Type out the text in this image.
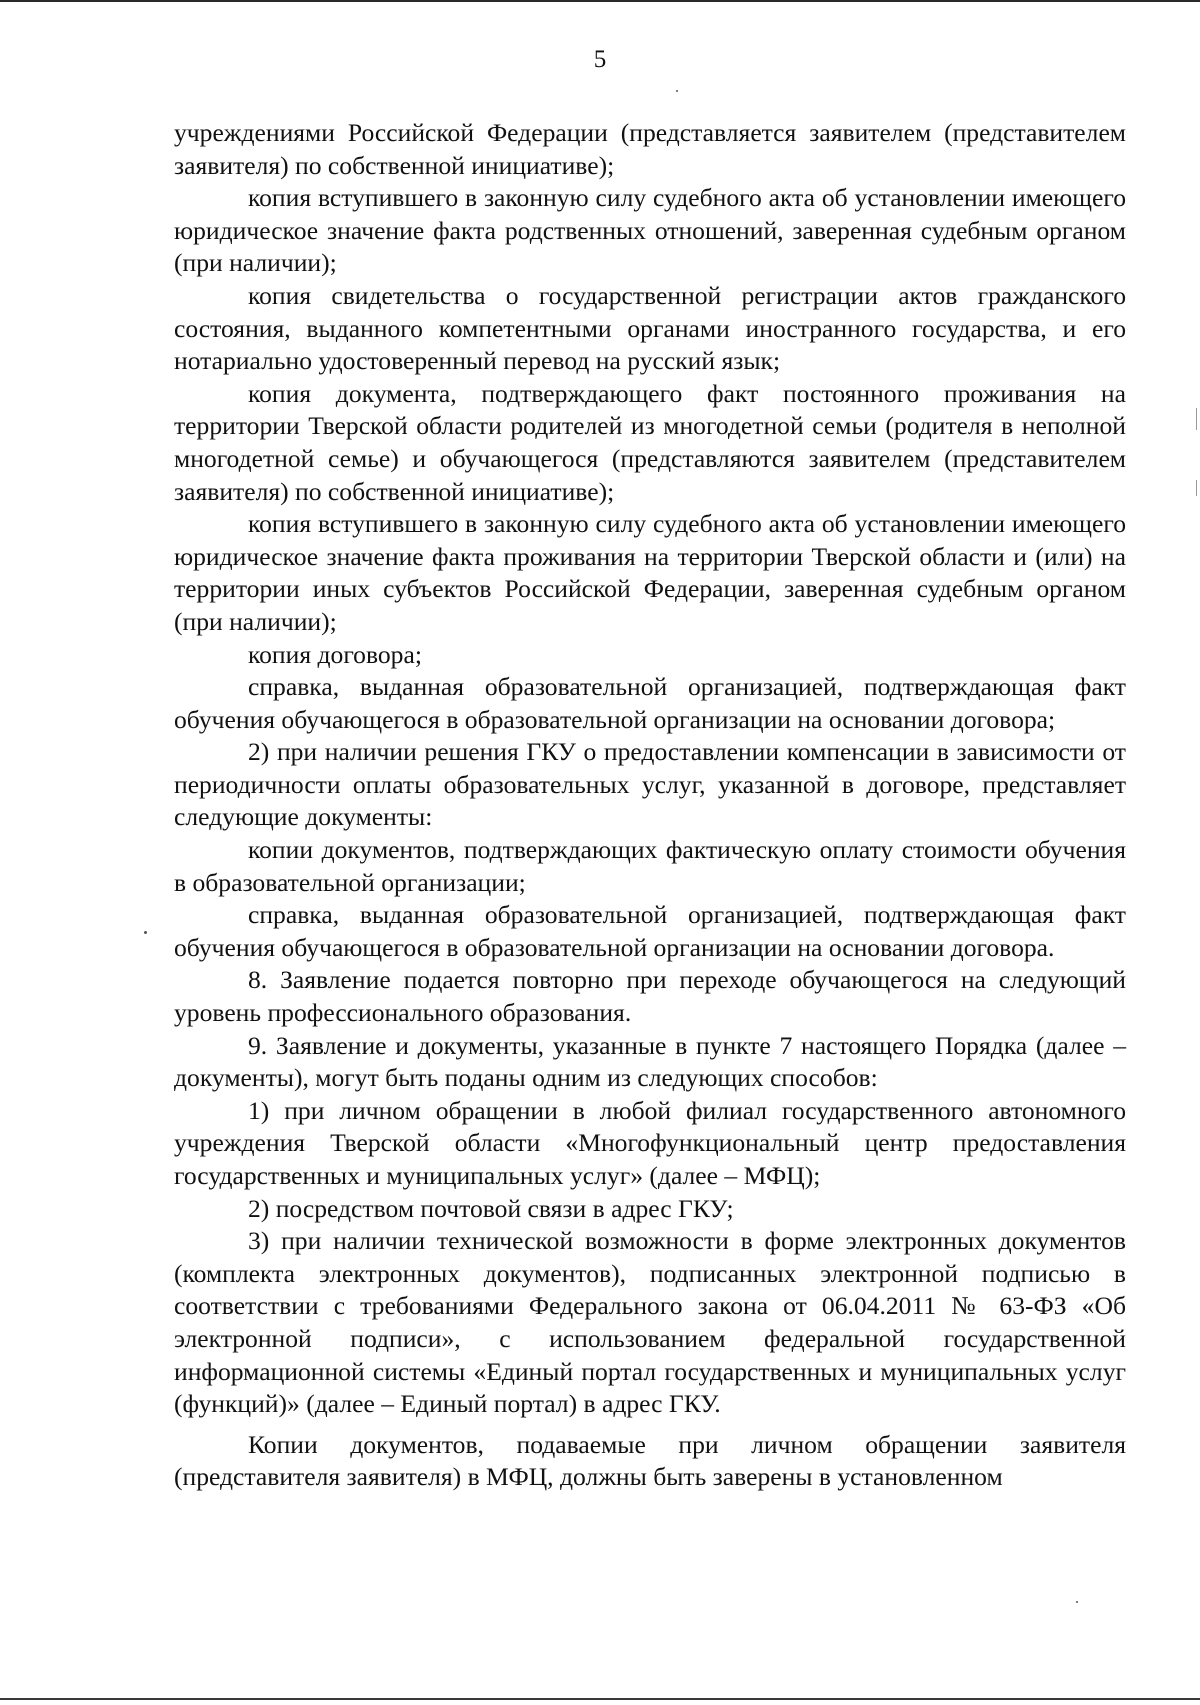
5

учреждениями Российской Федерации (представляется заявителем (представителем заявителя) по собственной инициативе);

копия вступившего в законную силу судебного акта об установлении имеющего юридическое значение факта родственных отношений, заверенная судебным органом (при наличии);

копия свидетельства о государственной регистрации актов гражданского состояния, выданного компетентными органами иностранного государства, и его нотариально удостоверенный перевод на русский язык;

копия документа, подтверждающего факт постоянного проживания на территории Тверской области родителей из многодетной семьи (родителя в неполной многодетной семье) и обучающегося (представляются заявителем (представителем заявителя) по собственной инициативе);

копия вступившего в законную силу судебного акта об установлении имеющего юридическое значение факта проживания на территории Тверской области и (или) на территории иных субъектов Российской Федерации, заверенная судебным органом (при наличии);

копия договора;

справка, выданная образовательной организацией, подтверждающая факт обучения обучающегося в образовательной организации на основании договора;

2) при наличии решения ГКУ о предоставлении компенсации в зависимости от периодичности оплаты образовательных услуг, указанной в договоре, представляет следующие документы:

копии документов, подтверждающих фактическую оплату стоимости обучения в образовательной организации;

справка, выданная образовательной организацией, подтверждающая факт обучения обучающегося в образовательной организации на основании договора.

8. Заявление подается повторно при переходе обучающегося на следующий уровень профессионального образования.

9. Заявление и документы, указанные в пункте 7 настоящего Порядка (далее – документы), могут быть поданы одним из следующих способов:

1) при личном обращении в любой филиал государственного автономного учреждения Тверской области «Многофункциональный центр предоставления государственных и муниципальных услуг» (далее – МФЦ);

2) посредством почтовой связи в адрес ГКУ;

3) при наличии технической возможности в форме электронных документов (комплекта электронных документов), подписанных электронной подписью в соответствии с требованиями Федерального закона от 06.04.2011 № 63-ФЗ «Об электронной подписи», с использованием федеральной государственной информационной системы «Единый портал государственных и муниципальных услуг (функций)» (далее – Единый портал) в адрес ГКУ.

Копии документов, подаваемые при личном обращении заявителя (представителя заявителя) в МФЦ, должны быть заверены в установленном
